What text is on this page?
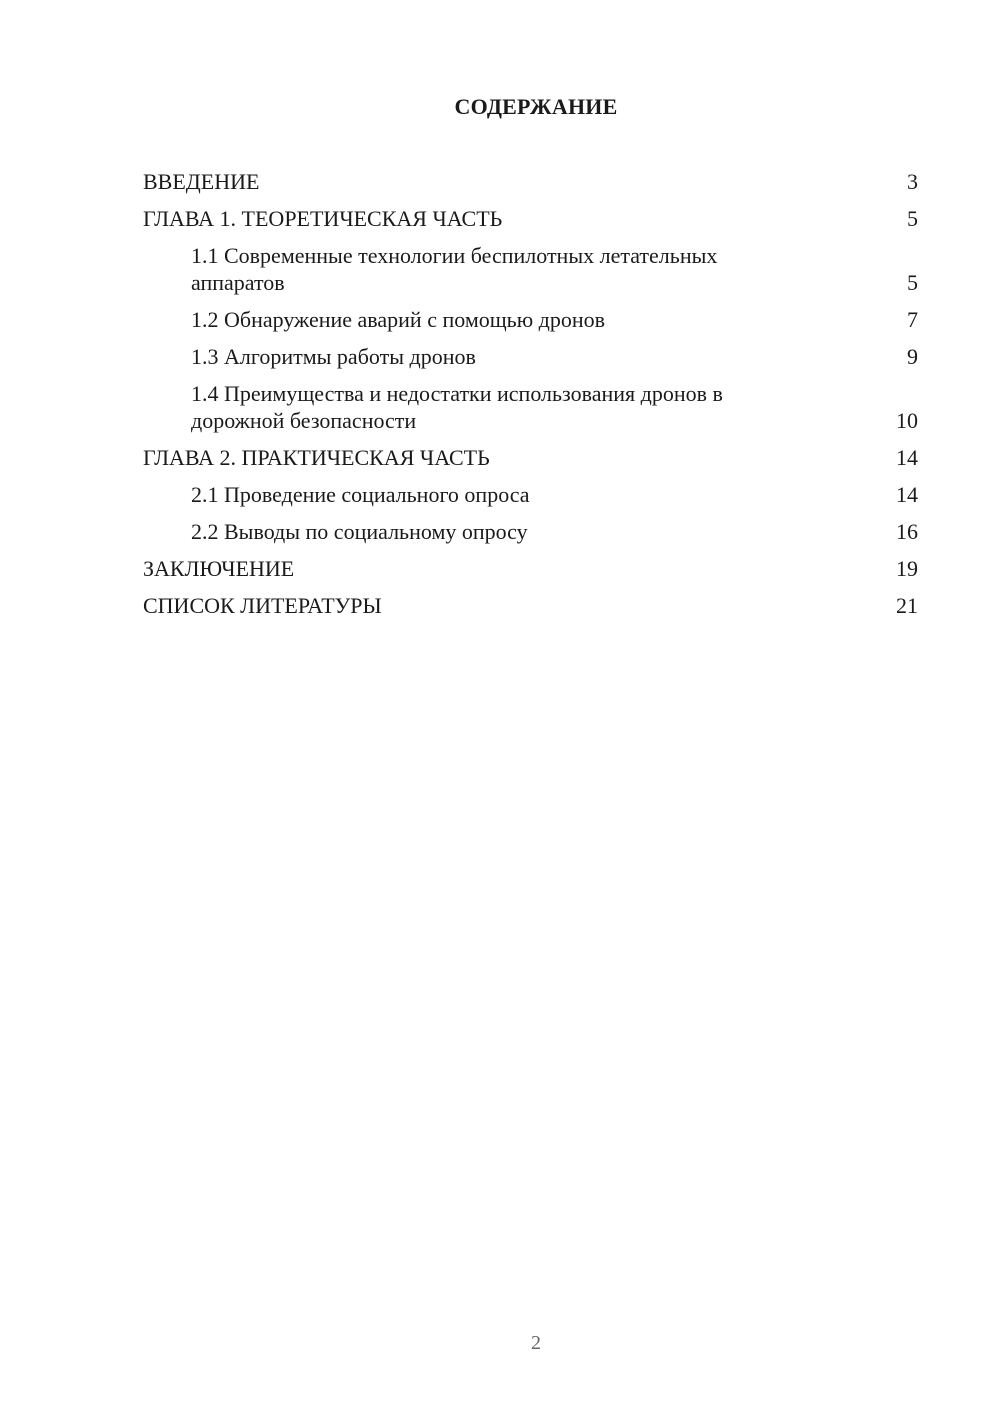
СОДЕРЖАНИЕ
ВВЕДЕНИЕ	3
ГЛАВА 1. ТЕОРЕТИЧЕСКАЯ ЧАСТЬ	5
1.1 Современные технологии беспилотных летательных аппаратов	5
1.2 Обнаружение аварий с помощью дронов	7
1.3 Алгоритмы работы дронов	9
1.4 Преимущества и недостатки использования дронов в дорожной безопасности	10
ГЛАВА 2. ПРАКТИЧЕСКАЯ ЧАСТЬ	14
2.1 Проведение социального опроса	14
2.2 Выводы по социальному опросу	16
ЗАКЛЮЧЕНИЕ	19
СПИСОК ЛИТЕРАТУРЫ	21
2
